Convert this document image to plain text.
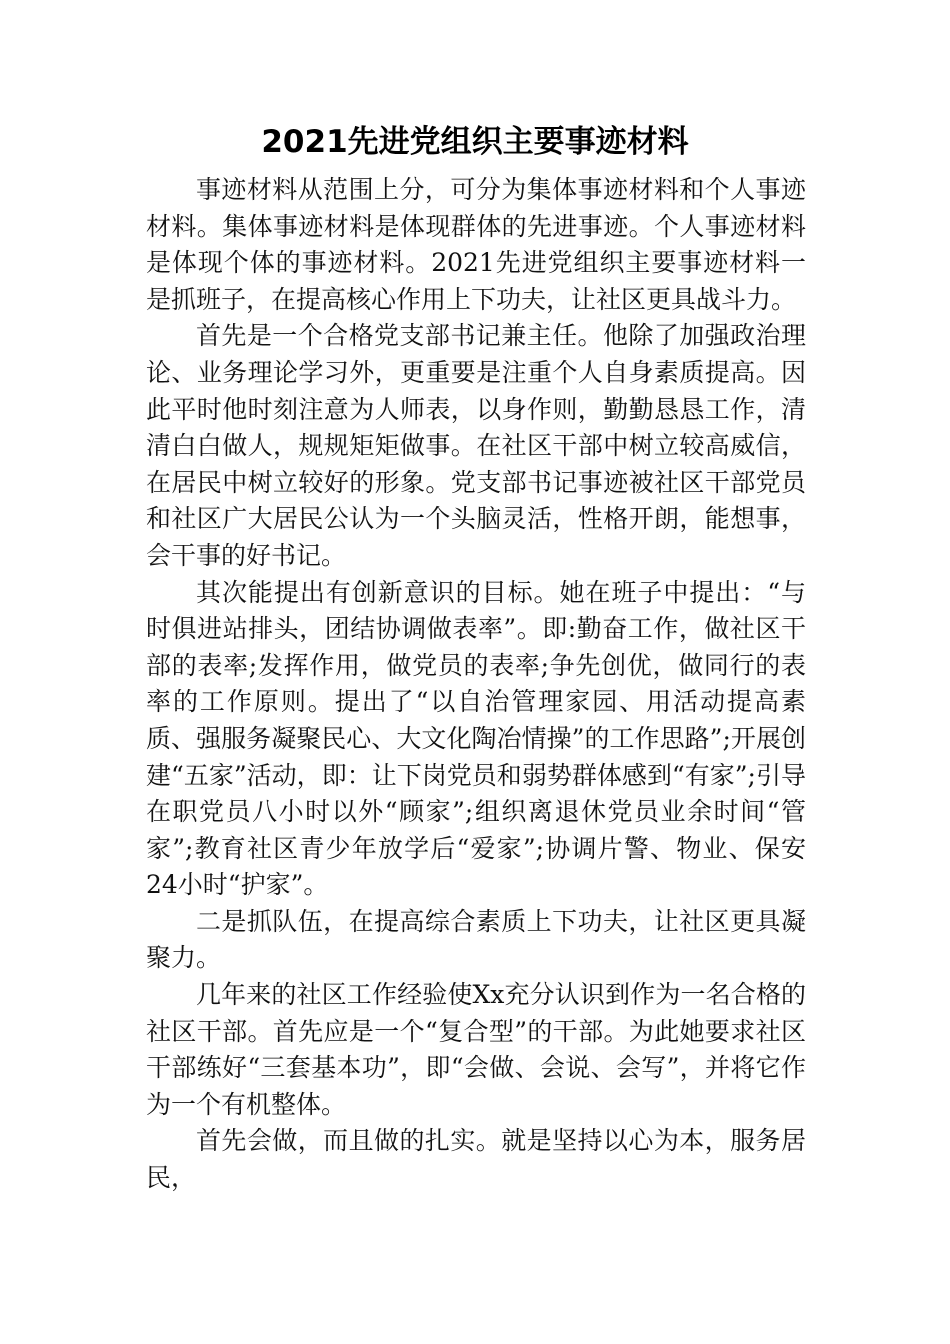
2021先进党组织主要事迹材料

事迹材料从范围上分，可分为集体事迹材料和个人事迹材料。集体事迹材料是体现群体的先进事迹。个人事迹材料是体现个体的事迹材料。2021先进党组织主要事迹材料一是抓班子，在提高核心作用上下功夫，让社区更具战斗力。

首先是一个合格党支部书记兼主任。他除了加强政治理论、业务理论学习外，更重要是注重个人自身素质提高。因此平时他时刻注意为人师表，以身作则，勤勤恳恳工作，清清白白做人，规规矩矩做事。在社区干部中树立较高威信，在居民中树立较好的形象。党支部书记事迹被社区干部党员和社区广大居民公认为一个头脑灵活，性格开朗，能想事，会干事的好书记。

其次能提出有创新意识的目标。她在班子中提出：“与时俱进站排头，团结协调做表率”。即:勤奋工作，做社区干部的表率;发挥作用，做党员的表率;争先创优，做同行的表率的工作原则。提出了“以自治管理家园、用活动提高素质、强服务凝聚民心、大文化陶冶情操”的工作思路”;开展创建“五家”活动，即：让下岗党员和弱势群体感到“有家”;引导在职党员八小时以外“顾家”;组织离退休党员业余时间“管家”;教育社区青少年放学后“爱家”;协调片警、物业、保安24小时“护家”。

二是抓队伍，在提高综合素质上下功夫，让社区更具凝聚力。

几年来的社区工作经验使Xx充分认识到作为一名合格的社区干部。首先应是一个“复合型”的干部。为此她要求社区干部练好“三套基本功”，即“会做、会说、会写”，并将它作为一个有机整体。

首先会做，而且做的扎实。就是坚持以心为本，服务居民，
